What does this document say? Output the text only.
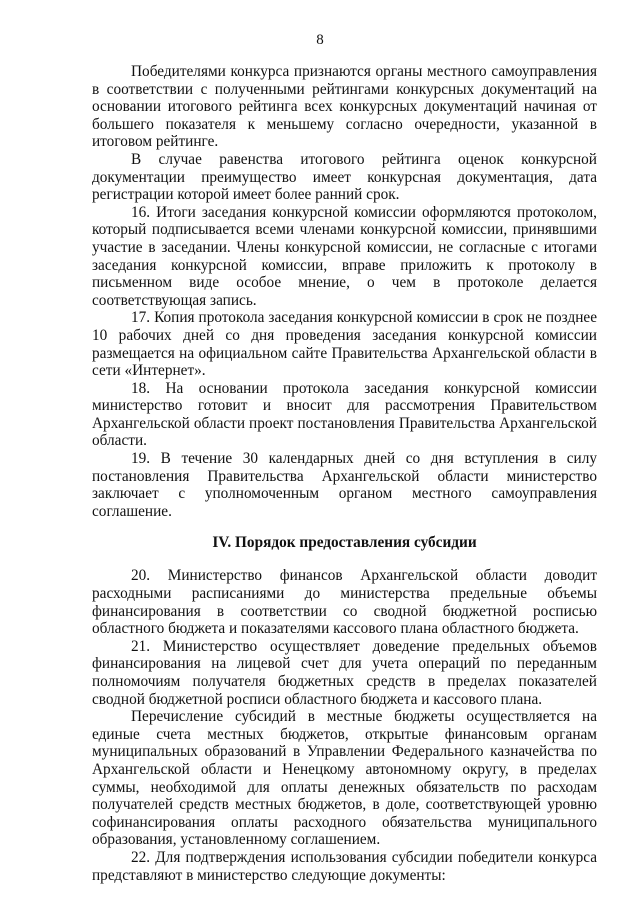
8

Победителями конкурса признаются органы местного самоуправления в соответствии с полученными рейтингами конкурсных документаций на основании итогового рейтинга всех конкурсных документаций начиная от большего показателя к меньшему согласно очередности, указанной в итоговом рейтинге.

В случае равенства итогового рейтинга оценок конкурсной документации преимущество имеет конкурсная документация, дата регистрации которой имеет более ранний срок.

16. Итоги заседания конкурсной комиссии оформляются протоколом, который подписывается всеми членами конкурсной комиссии, принявшими участие в заседании. Члены конкурсной комиссии, не согласные с итогами заседания конкурсной комиссии, вправе приложить к протоколу в письменном виде особое мнение, о чем в протоколе делается соответствующая запись.

17. Копия протокола заседания конкурсной комиссии в срок не позднее 10 рабочих дней со дня проведения заседания конкурсной комиссии размещается на официальном сайте Правительства Архангельской области в сети «Интернет».

18. На основании протокола заседания конкурсной комиссии министерство готовит и вносит для рассмотрения Правительством Архангельской области проект постановления Правительства Архангельской области.

19. В течение 30 календарных дней со дня вступления в силу постановления Правительства Архангельской области министерство заключает с уполномоченным органом местного самоуправления соглашение.

IV. Порядок предоставления субсидии

20. Министерство финансов Архангельской области доводит расходными расписаниями до министерства предельные объемы финансирования в соответствии со сводной бюджетной росписью областного бюджета и показателями кассового плана областного бюджета.

21. Министерство осуществляет доведение предельных объемов финансирования на лицевой счет для учета операций по переданным полномочиям получателя бюджетных средств в пределах показателей сводной бюджетной росписи областного бюджета и кассового плана.

Перечисление субсидий в местные бюджеты осуществляется на единые счета местных бюджетов, открытые финансовым органам муниципальных образований в Управлении Федерального казначейства по Архангельской области и Ненецкому автономному округу, в пределах суммы, необходимой для оплаты денежных обязательств по расходам получателей средств местных бюджетов, в доле, соответствующей уровню софинансирования оплаты расходного обязательства муниципального образования, установленному соглашением.

22. Для подтверждения использования субсидии победители конкурса представляют в министерство следующие документы:
